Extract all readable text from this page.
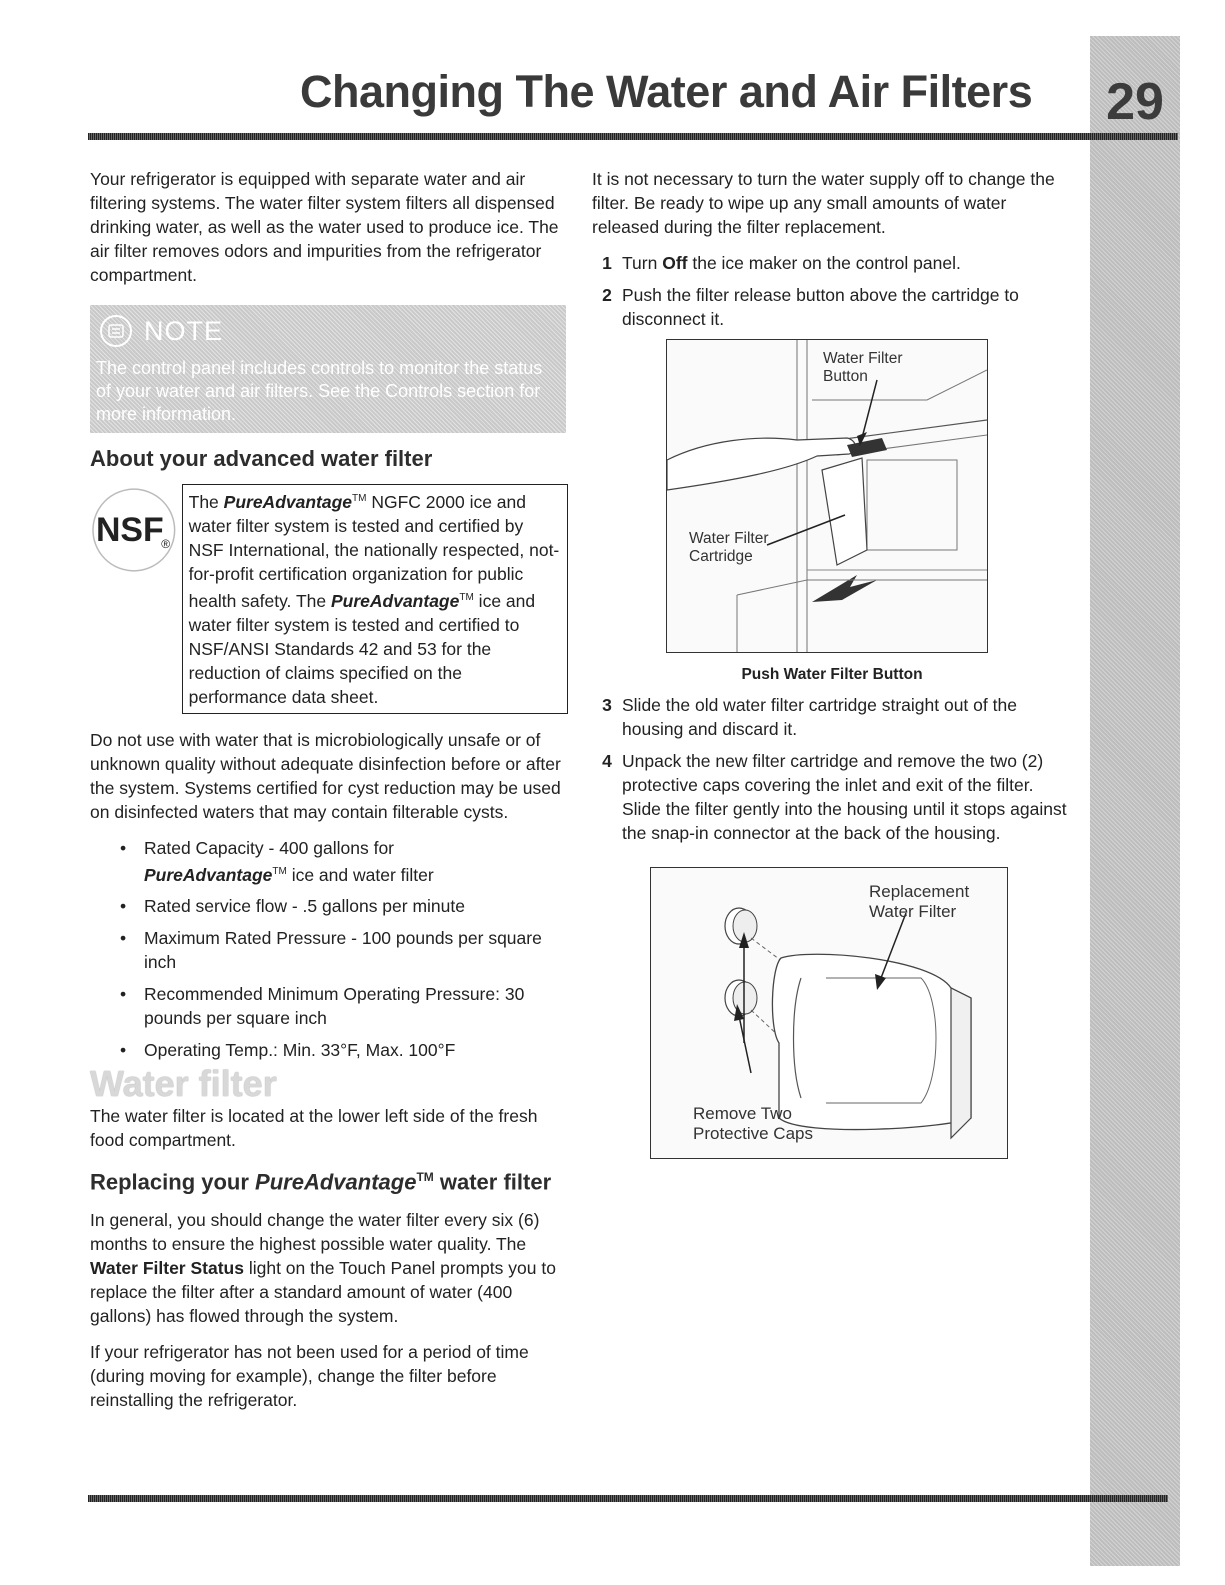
Changing The Water and Air Filters	29

Your refrigerator is equipped with separate water and air filtering systems. The water filter system filters all dispensed drinking water, as well as the water used to produce ice. The air filter removes odors and impurities from the refrigerator compartment.

NOTE
The control panel includes controls to monitor the status of your water and air filters. See the Controls section for more information.
About your advanced water filter
NSF
®
The PureAdvantage™ NGFC 2000 ice and water filter system is tested and certified by NSF International, the nationally respected, not-for-profit certification organization for public health safety. The PureAdvantage™ ice and water filter system is tested and certified to NSF/ANSI Standards 42 and 53 for the reduction of claims specified on the performance data sheet.

Do not use with water that is microbiologically unsafe or of unknown quality without adequate disinfection before or after the system. Systems certified for cyst reduction may be used on disinfected waters that may contain filterable cysts.

• Rated Capacity - 400 gallons for
PureAdvantage™ ice and water filter
• Rated service flow - .5 gallons per minute
• Maximum Rated Pressure - 100 pounds per square inch
• Recommended Minimum Operating Pressure: 30 pounds per square inch
• Operating Temp.: Min. 33°F, Max. 100°F
Water filter

The water filter is located at the lower left side of the fresh food compartment.

Replacing your PureAdvantage™ water filter

In general, you should change the water filter every six (6) months to ensure the highest possible water quality. The Water Filter Status light on the Touch Panel prompts you to replace the filter after a standard amount of water (400 gallons) has flowed through the system.

If your refrigerator has not been used for a period of time (during moving for example), change the filter before reinstalling the refrigerator.

It is not necessary to turn the water supply off to change the filter. Be ready to wipe up any small amounts of water released during the filter replacement.

1 Turn Off the ice maker on the control panel.
2 Push the filter release button above the cartridge to disconnect it.
Water Filter
Button
Water Filter
Cartridge
Push Water Filter Button
3 Slide the old water filter cartridge straight out of the housing and discard it.
4 Unpack the new filter cartridge and remove the two (2) protective caps covering the inlet and exit of the filter. Slide the filter gently into the housing until it stops against the snap-in connector at the back of the housing.
Replacement
Water Filter
Remove Two
Protective Caps
